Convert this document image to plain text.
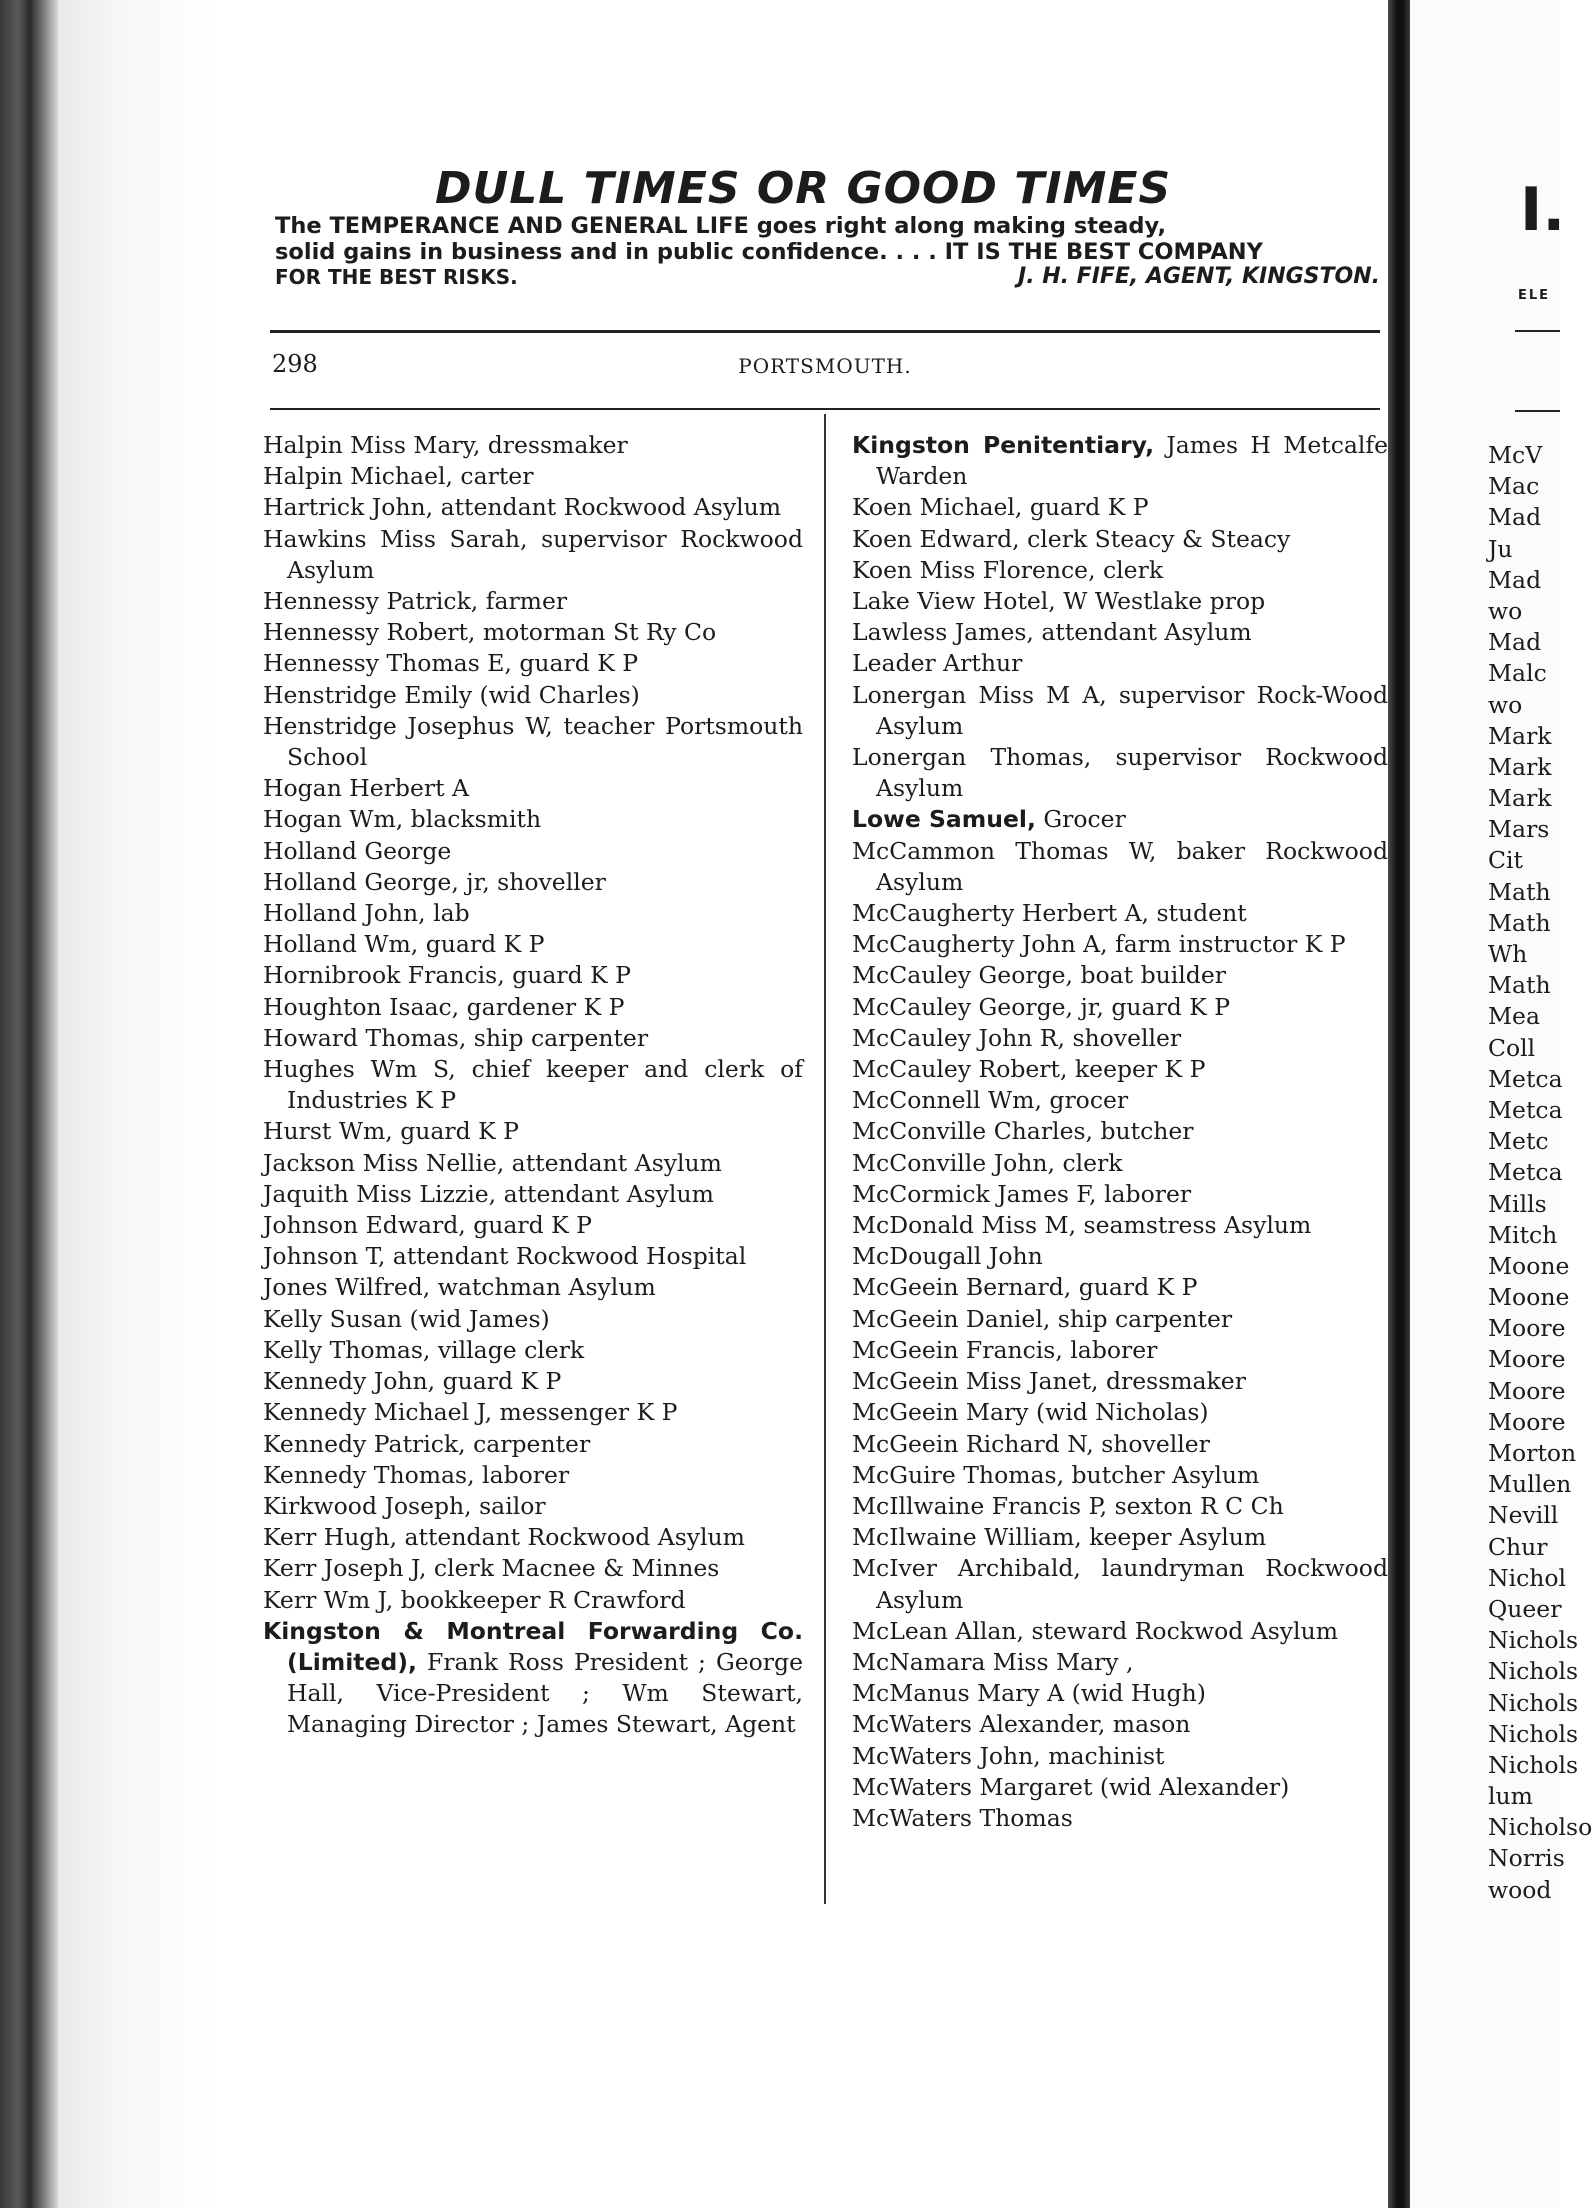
DULL TIMES OR GOOD TIMES
The TEMPERANCE AND GENERAL LIFE goes right along making steady,
solid gains in business and in public confidence. . . . IT IS THE BEST COMPANY
FOR THE BEST RISKS.	J. H. FIFE, AGENT, KINGSTON.
298	PORTSMOUTH.
Halpin Miss Mary, dressmaker
Halpin Michael, carter
Hartrick John, attendant Rockwood Asylum
Hawkins Miss Sarah, supervisor Rockwood Asylum
Hennessy Patrick, farmer
Hennessy Robert, motorman St Ry Co
Hennessy Thomas E, guard K P
Henstridge Emily (wid Charles)
Henstridge Josephus W, teacher Portsmouth School
Hogan Herbert A
Hogan Wm, blacksmith
Holland George
Holland George, jr, shoveller
Holland John, lab
Holland Wm, guard K P
Hornibrook Francis, guard K P
Houghton Isaac, gardener K P
Howard Thomas, ship carpenter
Hughes Wm S, chief keeper and clerk of Industries K P
Hurst Wm, guard K P
Jackson Miss Nellie, attendant Asylum
Jaquith Miss Lizzie, attendant Asylum
Johnson Edward, guard K P
Johnson T, attendant Rockwood Hospital
Jones Wilfred, watchman Asylum
Kelly Susan (wid James)
Kelly Thomas, village clerk
Kennedy John, guard K P
Kennedy Michael J, messenger K P
Kennedy Patrick, carpenter
Kennedy Thomas, laborer
Kirkwood Joseph, sailor
Kerr Hugh, attendant Rockwood Asylum
Kerr Joseph J, clerk Macnee & Minnes
Kerr Wm J, bookkeeper R Crawford
Kingston & Montreal Forwarding Co. (Limited), Frank Ross President ; George Hall, Vice-President ; Wm Stewart, Managing Director ; James Stewart, Agent
Kingston Penitentiary, James H Metcalfe Warden
Koen Michael, guard K P
Koen Edward, clerk Steacy & Steacy
Koen Miss Florence, clerk
Lake View Hotel, W Westlake prop
Lawless James, attendant Asylum
Leader Arthur
Lonergan Miss M A, supervisor Rock-Wood Asylum
Lonergan Thomas, supervisor Rockwood Asylum
Lowe Samuel, Grocer
McCammon Thomas W, baker Rockwood Asylum
McCaugherty Herbert A, student
McCaugherty John A, farm instructor K P
McCauley George, boat builder
McCauley George, jr, guard K P
McCauley John R, shoveller
McCauley Robert, keeper K P
McConnell Wm, grocer
McConville Charles, butcher
McConville John, clerk
McCormick James F, laborer
McDonald Miss M, seamstress Asylum
McDougall John
McGeein Bernard, guard K P
McGeein Daniel, ship carpenter
McGeein Francis, laborer
McGeein Miss Janet, dressmaker
McGeein Mary (wid Nicholas)
McGeein Richard N, shoveller
McGuire Thomas, butcher Asylum
McIllwaine Francis P, sexton R C Ch
McIlwaine William, keeper Asylum
McIver Archibald, laundryman Rockwood Asylum
McLean Allan, steward Rockwod Asylum
McNamara Miss Mary ,
McManus Mary A (wid Hugh)
McWaters Alexander, mason
McWaters John, machinist
McWaters Margaret (wid Alexander)
McWaters Thomas
I.
ELE
McV
Mac
Mad
Ju
Mad
wo
Mad
Malc
wo
Mark
Mark
Mark
Mars
Cit
Math
Math
Wh
Math
Mea
Coll
Metca
Metca
Metc
Metca
Mills
Mitch
Moone
Moone
Moore
Moore
Moore
Moore
Morton
Mullen
Nevill
Chur
Nichol
Queer
Nichols
Nichols
Nichols
Nichols
Nichols
lum
Nicholso
Norris
wood
